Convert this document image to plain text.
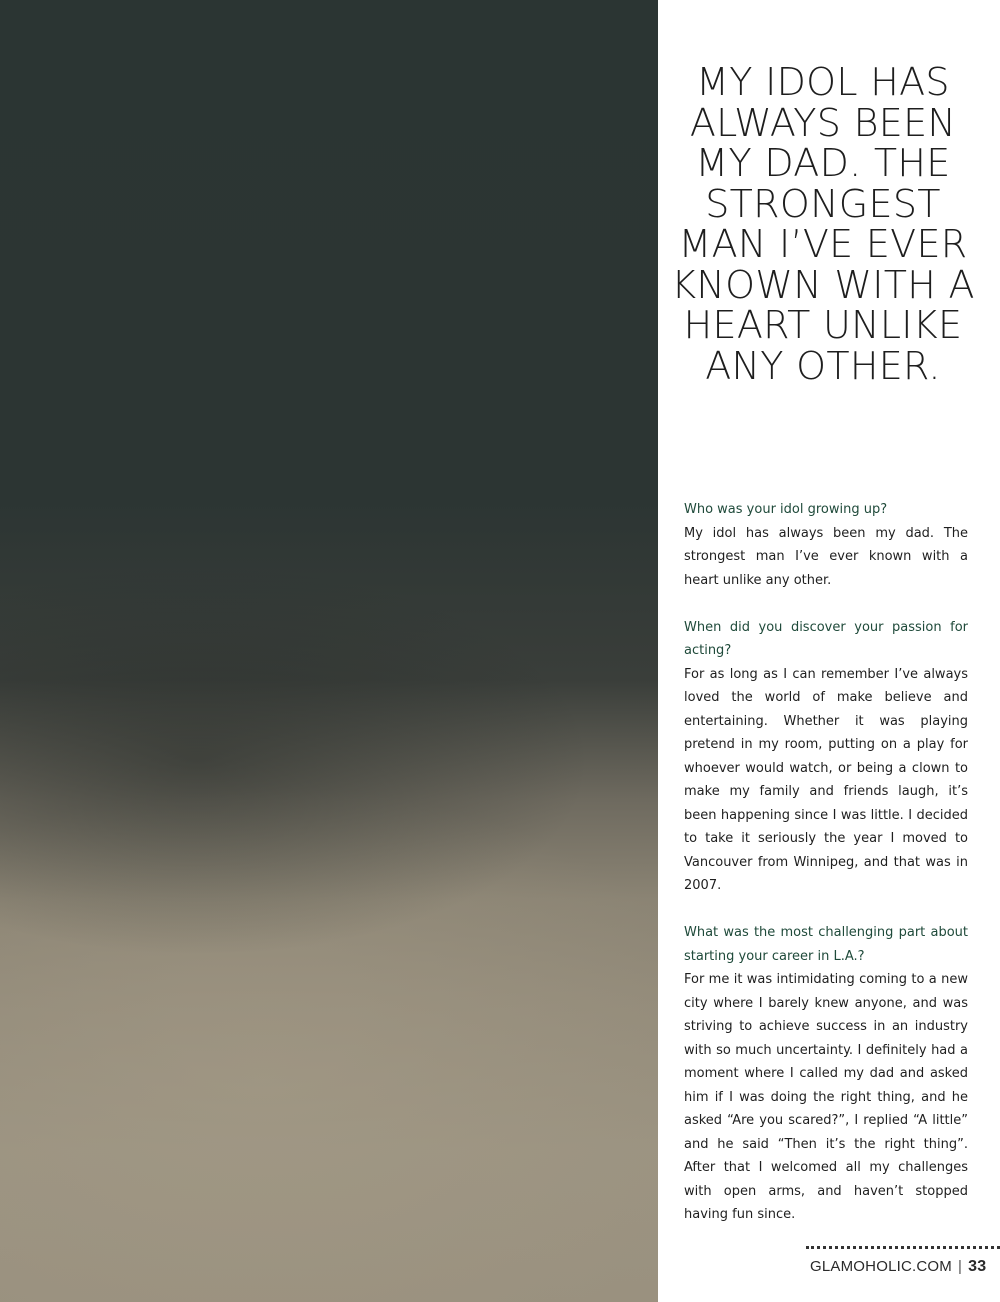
MY IDOL HAS ALWAYS BEEN MY DAD. THE STRONGEST MAN I’VE EVER KNOWN WITH A HEART UNLIKE ANY OTHER.

Who was your idol growing up?

My idol has always been my dad. The strongest man I’ve ever known with a heart unlike any other.

When did you discover your passion for acting?

For as long as I can remember I’ve always loved the world of make believe and entertaining. Whether it was playing pretend in my room, putting on a play for whoever would watch, or being a clown to make my family and friends laugh, it’s been happening since I was little. I decided to take it seriously the year I moved to Vancouver from Winnipeg, and that was in 2007.

What was the most challenging part about starting your career in L.A.?

For me it was intimidating coming to a new city where I barely knew anyone, and was striving to achieve success in an industry with so much uncertainty. I definitely had a moment where I called my dad and asked him if I was doing the right thing, and he asked “Are you scared?”, I replied “A little” and he said “Then it’s the right thing”. After that I welcomed all my challenges with open arms, and haven’t stopped having fun since.

GLAMOHOLIC.COM | 33
